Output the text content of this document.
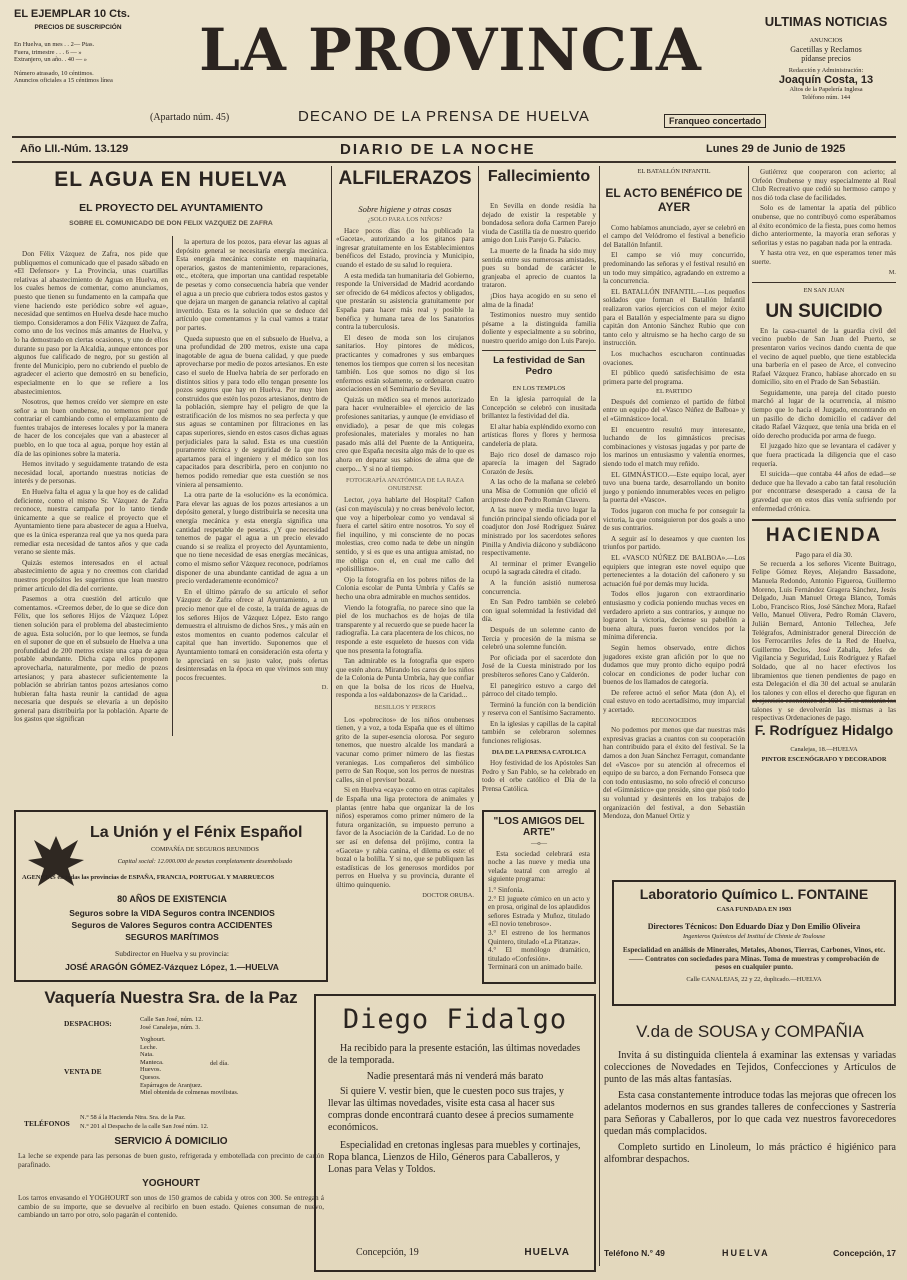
EL EJEMPLAR 10 Cts.
PRECIOS DE SUSCRIPCIÓN
En Huelva, un mes . . 2— Ptas.
Fuera, trimestre . . . 6 — »
Extranjero, un año. . 40 — »
Número atrasado, 10 céntimos.
Anuncios oficiales a 15 céntimos línea	LA PROVINCIA
(Apartado núm. 45)	DECANO DE LA PRENSA DE HUELVA	Franqueo concertado
ULTIMAS NOTICIAS
ANUNCIOS
Gacetillas y Reclamos
pídanse precios
Redacción y Administración:
Joaquín Costa, 13
Altos de la Papelería Inglesa
Teléfono núm. 144
Año LII.-Núm. 13.129	DIARIO DE LA NOCHE	Lunes 29 de Junio de 1925
EL AGUA EN HUELVA
EL PROYECTO DEL AYUNTAMIENTO
SOBRE EL COMUNICADO DE DON FELIX VAZQUEZ DE ZAFRA

Don Félix Vázquez de Zafra, nos pide que publiquemos el comunicado que el pasado sábado en «El Defensor» y La Provincia, unas cuartillas relativas al abastecimiento de Aguas en Huelva, en los cuales hemos de comentar, como anunciamos, puesto que tienen su fundamento en la campaña que viene haciendo este periódico sobre «el agua», necesidad que sentimos en Huelva desde hace mucho tiempo. Consideramos a don Félix Vázquez de Zafra, como uno de los vecinos más amantes de Huelva, y lo ha demostrado en ciertas ocasiones, y uno de ellos durante su paso por la Alcaldía, aunque entonces por algunos fue calificado de negro, por su gestión al frente del Municipio, pero no cubriendo el pueblo de agradecer el acierto que demostró en su beneficio, especialmente en lo que se refiere a los abastecimientos.

Nosotros, que hemos creído ver siempre en este señor a un buen onubense, no tememos por qué contrariar el cambiando como el emplazamiento de fuentes trabajos de intereses locales y por la manera de hacer de los concejales que van a abastecer al pueblo, en lo que toca al agua, porque hoy están al día de las opiniones sobre la materia.

Hemos invitado y seguidamente tratando de esta necesidad local, aportando nuestras noticias de interés y de personas.

En Huelva falta el agua y la que hoy es de calidad deficiente, como el mismo Sr. Vázquez de Zafra reconoce, nuestra campaña por lo tanto tiende únicamente a que se realice el proyecto que el Ayuntamiento tiene para abastecer de agua a Huelva, que es la única esperanza real que ya nos queda para remediar esta necesidad de tantos años y que cada verano se siente más.

Quizás estemos interesados en el actual abastecimiento de agua y no creemos con claridad nuestros propósitos les sugerimos que lean nuestro primer artículo del día del corriente.

Pasemos a otra cuestión del artículo que comentamos. «Creemos deber, de lo que se dice don Félix, que los señores Hijos de Vázquez López tienen solución para el problema del abastecimiento de agua. Esta solución, por lo que leemos, se funda en el suponer de que en el subsuelo de Huelva a una profundidad de 200 metros existe una capa de agua potable abundante. Dicha capa ellos proponen aprovecharla, naturalmente, por medio de pozos artesianos; y para abastecer suficientemente la población se abrirían tantos pozos artesianos como hubieran falta hasta reunir la cantidad de agua necesaria que después se elevaría a un depósito general para distribuirla por la población. Aparte de los gastos que significan

la apertura de los pozos, para elevar las aguas al depósito general se necesitaría energía mecánica. Esta energía mecánica consiste en maquinaria, operarios, gastos de mantenimiento, reparaciones, etc., etcétera, que importan una cantidad respetable de pesetas y como consecuencia habría que vender el agua a un precio que cubriera todos estos gastos y que dejara un margen de ganancia relativo al capital invertido. Esta es la solución que se deduce del artículo que comentamos y la cual vamos a tratar por partes.

Queda supuesto que en el subsuelo de Huelva, a una profundidad de 200 metros, existe una capa inagotable de agua de buena calidad, y que puede aprovecharse por medio de pozos artesianos. En este caso el suelo de Huelva habría de ser perforado en distintos sitios y para todo ello tengan presente los pozos seguros que hay en Huelva. Por muy bien construidos que estén los pozos artesianos, dentro de la población, siempre hay el peligro de que la estratificación de los mismos no sea perfecta y que sus aguas se contaminen por filtraciones en las capas superiores, siendo en estos casos dichas aguas perjudiciales para la salud. Esta es una cuestión puramente técnica y de seguridad de la que nos apartamos para el ingeniero y el médico son los capacitados para describirla, pero en conjunto no hemos podido remediar que esta cuestión se nos viniera al pensamiento.

La otra parte de la «solución» es la económica. Para elevar las aguas de los pozos artesianos a un depósito general, y luego distribuirla se necesita una energía mecánica y esta energía significa una cantidad respetable de pesetas. ¿Y que necesidad tenemos de pagar el agua a un precio elevado cuando si se realiza el proyecto del Ayuntamiento, que no tiene necesidad de esas energías mecánicas, como el mismo señor Vázquez reconoce, podríamos disponer de una abundante cantidad de agua a un precio verdaderamente económico?

En el último párrafo de su artículo el señor Vázquez de Zafra ofrece al Ayuntamiento, a un precio menor que el de coste, la traída de aguas de los señores Hijos de Vázquez López. Esto rango demuestra el altruismo de dichos Sres., y más aún en estos momentos en cuanto podemos calcular el capital que han invertido. Suponemos que el Ayuntamiento tomará en consideración esta oferta y le apreciará en su justo valor, pués ofertas desinteresadas en la época en que vivimos son muy pocos frecuentes.

D.

ALFILERAZOS
Sobre higiene y otras cosas
¿SOLO PARA LOS NIÑOS?

Hace pocos días (lo ha publicado la «Gaceta», autorizando a los gitanos para ingresar gratuitamente en los Establecimientos benéficos del Estado, provincia y Municipio, cuando el estado de su salud lo requiera.

A esta medida tan humanitaria del Gobierno, responde la Universidad de Madrid acordando ser ofrecido de 64 médicos afectos y obligados, que prestarán su asistencia gratuitamente por España para hacer más real y posible la benéfica y humana tarea de los Sanatorios contra la tuberculosis.

El deseo de moda son los cirujanos sanitarios. Hoy pintores de médicos, practicantes y comadrones y sus embarques tenemos los tiempos que corren si los necesitan también. Los que somos no digo si los enfermos están solamente, se ordenaron cuatro asociaciones en el Seminario de Sevilla.

Quizás un médico sea el menos autorizado para hacer «vulneraible» el ejercicio de las profesiones sanitarias, y aunque (le envidiaso el envidiado), a pesar de que mis colegas profesionales, materiales y morales no han pasado más allá del Puente de la Antiqueira, creo que España necesita algo más de lo que es ahora en deparar sus sabios de alma que de cuerpo... Y si no al tiempo.

FOTOGRAFÍA ANATÓMICA DE LA RAZA ONUBENSE

Lector, ¿oya hablarte del Hospital? Cañon (así con mayúscula) y no creas benévolo lector, que voy a hiperbolear como yo vendaval si fuera el cartel sátiro entre nosotros. Yo soy el fiel inquilino, y mi consciente de no pocas molestias, creo como nada te debe un ningún sentido, y si es que es una antigua amistad, no me obliga con el, en cual me callo del «polisillismo».

Ojo la fotografía en los pobres niños de la Colonia escolar de Punta Umbría y Cafés se hecho una obra admirable en muchos sentidos.

Viendo la fotografía, no parece sino que la piel de los muchachos es de hojas de tila transparente y al recuerdo que se puede hacer la radiografía. La cara placentera de los chicos, no responde a este esqueleto de huesos con vida que nos presenta la fotografía.

Tan admirable es la fotografía que espero que estén ahora. Mirando los caros de los niños de la Colonia de Punta Umbría, hay que confiar en que la bolsa de los ricos de Huelva, responda a los «aldabonazos» de la Caridad...

BESILLOS Y PERROS

Los «pobrecitos» de los niños onubenses tienen, y a voz, a toda España que es el último grito de la super-esencia olorosa. Por seguro tenemos, que nuestro alcalde los mandará a vacunar como primer número de las fiestas veraniegas. Los compañeros del simbólico perro de San Roque, son los perros de nuestras calles, sin el previsor bozal.

Si en Huelva «caya» como en otras capitales de España una liga protectora de animales y plantas (entre haba que organizar la de los niños) esperamos como primer número de la futura organización, su impuesto perruno a favor de la Asociación de la Caridad. Lo de no ser así en defensa del prójimo, contra la «Gaceta» y rabia canina, el dilema es este: el bozal o la bolilla. Y si no, que se publiquen las estadísticas de los generosos mordidos por perros en Huelva y su provincia, durante el último quinquenio.

DOCTOR ORUBA.

Fallecimiento

En Sevilla en donde residía ha dejado de existir la respetable y bondadosa señora doña Carmen Parejo viuda de Castilla tía de nuestro querido amigo don Luis Parejo G. Palacio.

La muerte de la finada ha sido muy sentida entre sus numerosas amistades, pues su bondad de carácter le granjeaba el aprecio de cuantos la trataron.

¡Dios haya acogido en su seno el alma de la finada!

Testimonios nuestro muy sentido pésame a la distinguida familia doliente y especialmente a su sobrino, nuestro querido amigo don Luis Parejo.

La festividad de San Pedro
EN LOS TEMPLOS

En la iglesia parroquial de la Concepción se celebró con inusitada brillantez la festividad del día.

El altar había expléndido exorno con artísticas flores y flores y hermosa candelería de plata.

Bajo rico dosel de damasco rojo aparecía la imagen del Sagrado Corazón de Jesús.

A las ocho de la mañana se celebró una Misa de Comunión que ofició el arcipreste don Pedro Román Clavero.

A las nueve y media tuvo lugar la función principal siendo oficiada por el coadjutor don José Rodríguez Suárez ministrado por los sacerdotes señores Pinilla y Andivia diácono y subdiácono respectivamente.

Al terminar el primer Evangelio ocupó la sagrada cátedra el citado.

A la función asistió numerosa concurrencia.

En San Pedro también se celebró con igual solemnidad la festividad del día.

Después de un solemne canto de Tercia y procesión de la misma se celebró una solemne función.

Por oficiada por el sacerdote don José de la Cuesta ministrado por los presbíteros señores Cano y Calderón.

El panegírico estuvo a cargo del párroco del citado templo.

Terminó la función con la bendición y reserva con el Santísimo Sacramento.

En la iglesias y capillas de la capital también se celebraron solemnes funciones religiosas.

DIA DE LA PRENSA CATOLICA

Hoy festividad de los Apóstoles San Pedro y San Pablo, se ha celebrado en todo el orbe católico el Día de la Prensa Católica.

"LOS AMIGOS DEL ARTE"
—o—

Esta sociedad celebrará esta noche a las nueve y media una velada teatral con arreglo al siguiente programa:

1.° Sinfonía.

2.° El juguete cómico en un acto y en prosa, original de los aplaudidos señores Estrada y Muñoz, titulado «El novio tenebroso».

3.° El estreno de los hermanos Quintero, titulado «La Pitanza».

4.° El monólogo dramático, titulado «Confesión».

Terminará con un animado baile.

EL BATALLÓN INFANTIL
EL ACTO BENÉFICO DE AYER

Como habíamos anunciado, ayer se celebró en el campo del Velódromo el festival a beneficio del Batallón Infantil.

El campo se vió muy concurrido, predominando las señoras y el festival resultó en un todo muy simpático, agradando en extremo a la concurrencia.

EL BATALLÓN INFANTIL.—Los pequeños soldados que forman el Batallón Infantil realizaron varios ejercicios con el mejor éxito para el Batallón y especialmente para su digno capitán don Antonio Sánchez Rubio que con tanto celo y altruismo se ha hecho cargo de su instrucción.

Los muchachos escucharon continuadas ovaciones.

El público quedó satisfechísimo de esta primera parte del programa.

EL PARTIDO

Después del comienzo el partido de fútbol entre un equipo del «Vasco Núñez de Balboa» y el «Gimnástico» local.

El encuentro resultó muy interesante, luchando de los gimnásticos precisas combinaciones y vistosas jugadas y por parte de los marinos un entusiasmo y valentía enormes, siendo todo el match muy reñido.

EL GIMNÁSTICO.—Este equipo local, ayer tuvo una buena tarde, desarrollando un bonito juego y poniendo innumerables veces en peligro la puerta del «Vasco».

Todos jugaron con mucha fe por conseguir la victoria, la que consiguieron por dos goals a uno de sus contrarios.

A seguir así lo deseamos y que cuenten los triunfos por partido.

EL «VASCO NÚÑEZ DE BALBOA».—Los equipiers que integran este novel equipo que pertenecientes a la dotación del cañonero y su actuación fué por demás muy lucida.

Todos ellos jugaron con extraordinario entusiasmo y codicia poniendo muchas veces en verdadero aprieto a sus contrarios, y aunque no lograron la victoria, deciense su pabellón a buena altura, pues fueron vencidos por la mínima diferencia.

Según hemos observado, entre dichos jugadores existe gran afición por lo que no dudamos que muy pronto dicho equipo podrá colocar en condiciones de poder luchar con buenos de los llamados de categoría.

De referee actuó el señor Mata (don A), el cual estuvo en todo acertadísimo, muy imparcial y acertado.

RECONOCIDOS

No podemos por menos que dar nuestras más expresivas gracias a cuantos con su cooperación han contribuido para el éxito del festival. Se la damos a don Juan Sánchez Ferragut, comandante del «Vasco» por su atención al ofrecernos el equipo de su barco, a don Fernando Fonseca que con todo entusiasmo, no solo ofreció el concurso del «Gimnástico» que preside, sino que pisó todo su voluntad y desinterés en los trabajos de organización del festival, a don Sebastián Mendoza, don Manuel Ortiz y

Gutiérrez que cooperaron con acierto; al Orfeón Onubense y muy especialmente al Real Club Recreativo que cedió su hermoso campo y nos dió toda clase de facilidades.

Solo es de lamentar la apatía del público onubense, que no contribuyó como esperábamos al éxito económico de la fiesta, pues como hemos dicho anteriormente, la mayoría eran señoras y señoritas y estas no pagaban nada por la entrada.

Y hasta otra vez, en que esperamos tener más suerte.

M.

EN SAN JUAN
UN SUICIDIO

En la casa-cuartel de la guardia civil del vecino pueblo de San Juan del Puerto, se presentaron varios vecinos dando cuenta de que el vecino de aquel pueblo, que tiene establecida una barbería en el paseo de Arce, el convecino Rafael Vázquez Franco, habíase ahorcado en su domicilio, sito en el Prado de San Sebastián.

Seguidamente, una pareja del citado puesto marchó al lugar de la ocurrencia, al mismo tiempo que lo hacía el Juzgado, encontrando en un pasillo de dicho domicilio el cadáver del citado Rafael Vázquez, que tenía una brida en el oído derecho producida por arma de fuego.

El juzgado hizo que se levantara el cadáver y que fuera practicada la diligencia que el caso requería.

El suicida—que contaba 44 años de edad—se deduce que ha llevado a cabo tan fatal resolución por encontrarse desesperado a causa de la gravedad que en estos días venía sufriendo por enfermedad crónica.

HACIENDA

Pago para el día 30.

Se recuerda a los señores Vicente Buitrago, Felipe Gómez Reyes, Alejandro Bassadone, Manuela Redondo, Antonio Figueroa, Guillermo Moreno, Luis Fernández Gragera Sánchez, Jesús Delgado, Juan Manuel Ortega Blanco, Tomás Lobo, Francisco Rios, José Sánchez Mora, Rafael Vello, Manuel Olivera, Pedro Román Clavero, Julián Bernard, Antonio Tellechea, Jefe Telégrafos, Administrador general Dirección de los Ferrocarriles Jefes de la Red de Huelva, Guillermo Declos, José Zaballa, Jefes de Vigilancia y Seguridad, Luis Rodríguez y Rafael Soldado, que al no hacer efectivos los libramientos que tienen pendientes de pago en esta Delegación el día 30 del actual se anularán los talones y con ellos el derecho que figuran en el ejercicio económico de 1924-25 se anularán los talones y se devolverán las mismas a las respectivas Ordenaciones de pago.

F. Rodríguez Hidalgo
Canalejas, 18.—HUELVA
PINTOR ESCENÓGRAFO Y DECORADOR
La Unión y el Fénix Español
COMPAÑÍA DE SEGUROS REUNIDOS
Capital social: 12.000.000 de pesetas completamente desembolsado
AGENCIAS en todas las provincias de ESPAÑA, FRANCIA, PORTUGAL Y MARRUECOS
80 AÑOS DE EXISTENCIA
Seguros sobre la VIDA Seguros contra INCENDIOS
Seguros de Valores Seguros contra ACCIDENTES
SEGUROS MARÍTIMOS
Subdirector en Huelva y su provincia:
JOSÉ ARAGÓN GÓMEZ-Vázquez López, 1.—HUELVA
Vaquería Nuestra Sra. de la Paz
DESPACHOS:	Calle San José, núm. 12.
José Canalejas, núm. 3.
VENTA DE
Yoghourt.
Leche.
Nata.
Manteca.
Huevos.
Quesos.
Espárragos de Aranjuez.
Miel obtenida de colmenas movilistas.
del día.
TELÉFONOS
N.° 58 á la Hacienda Ntra. Sra. de la Paz.
N.° 201 al Despacho de la calle San José núm. 12.
SERVICIO Á DOMICILIO
La leche se expende para las personas de buen gusto, refrigerada y embotellada con precinto de cartón parafinado.
YOGHOURT
Los tarros envasando el YOGHOURT son unos de 150 gramos de cabida y otros con 300. Se entregan á cambio de su importe, que se devuelve al recibirlo en buen estado. Quienes consuman de nuevo, cambiando un tarro por otro, solo pagarán el contenido.
Diego Fidalgo
Ha recibido para la presente estación, las últimas novedades de la temporada.
Nadie presentará más ni venderá más barato
Si quiere V. vestir bien, que le cuesten poco sus trajes, y llevar las últimas novedades, visite esta casa al hacer sus compras donde encontrará cuanto desee á precios sumamente económicos.
Especialidad en cretonas inglesas para muebles y cortinajes, Ropa blanca, Lienzos de Hilo, Géneros para Caballeros, y Lonas para Velas y Toldos.
Concepción, 19	HUELVA
Laboratorio Químico L. FONTAINE
CASA FUNDADA EN 1903
Directores Técnicos: Don Eduardo Díaz y Don Emilio Oliveira
Ingenieros Químicos del Instituí de Chimie de Toulouse
Especialidad en análisis de Minerales, Metales, Abonos, Tierras, Carbones, Vinos, etc. —— Contratos con sociedades para Minas. Toma de muestras y comprobación de pesos en cualquier punto.
Calle CANALEJAS, 22 y 22, duplicado.—HUELVA
V.da de SOUSA y COMPAÑIA
Invita á su distinguida clientela á examinar las extensas y variadas colecciones de Novedades en Tejidos, Confecciones y Artículos de punto de las más altas fantasías.
Esta casa constantemente introduce todas las mejoras que ofrecen los adelantos modernos en sus grandes talleres de confecciones y Sastrería para Señoras y Caballeros, por lo que cada vez nuestros favorecedores quedan más complacidos.
Completo surtido en Linoleum, lo más práctico é higiénico para alfombrar despachos.
Teléfono N.° 49	HUELVA	Concepción, 17
